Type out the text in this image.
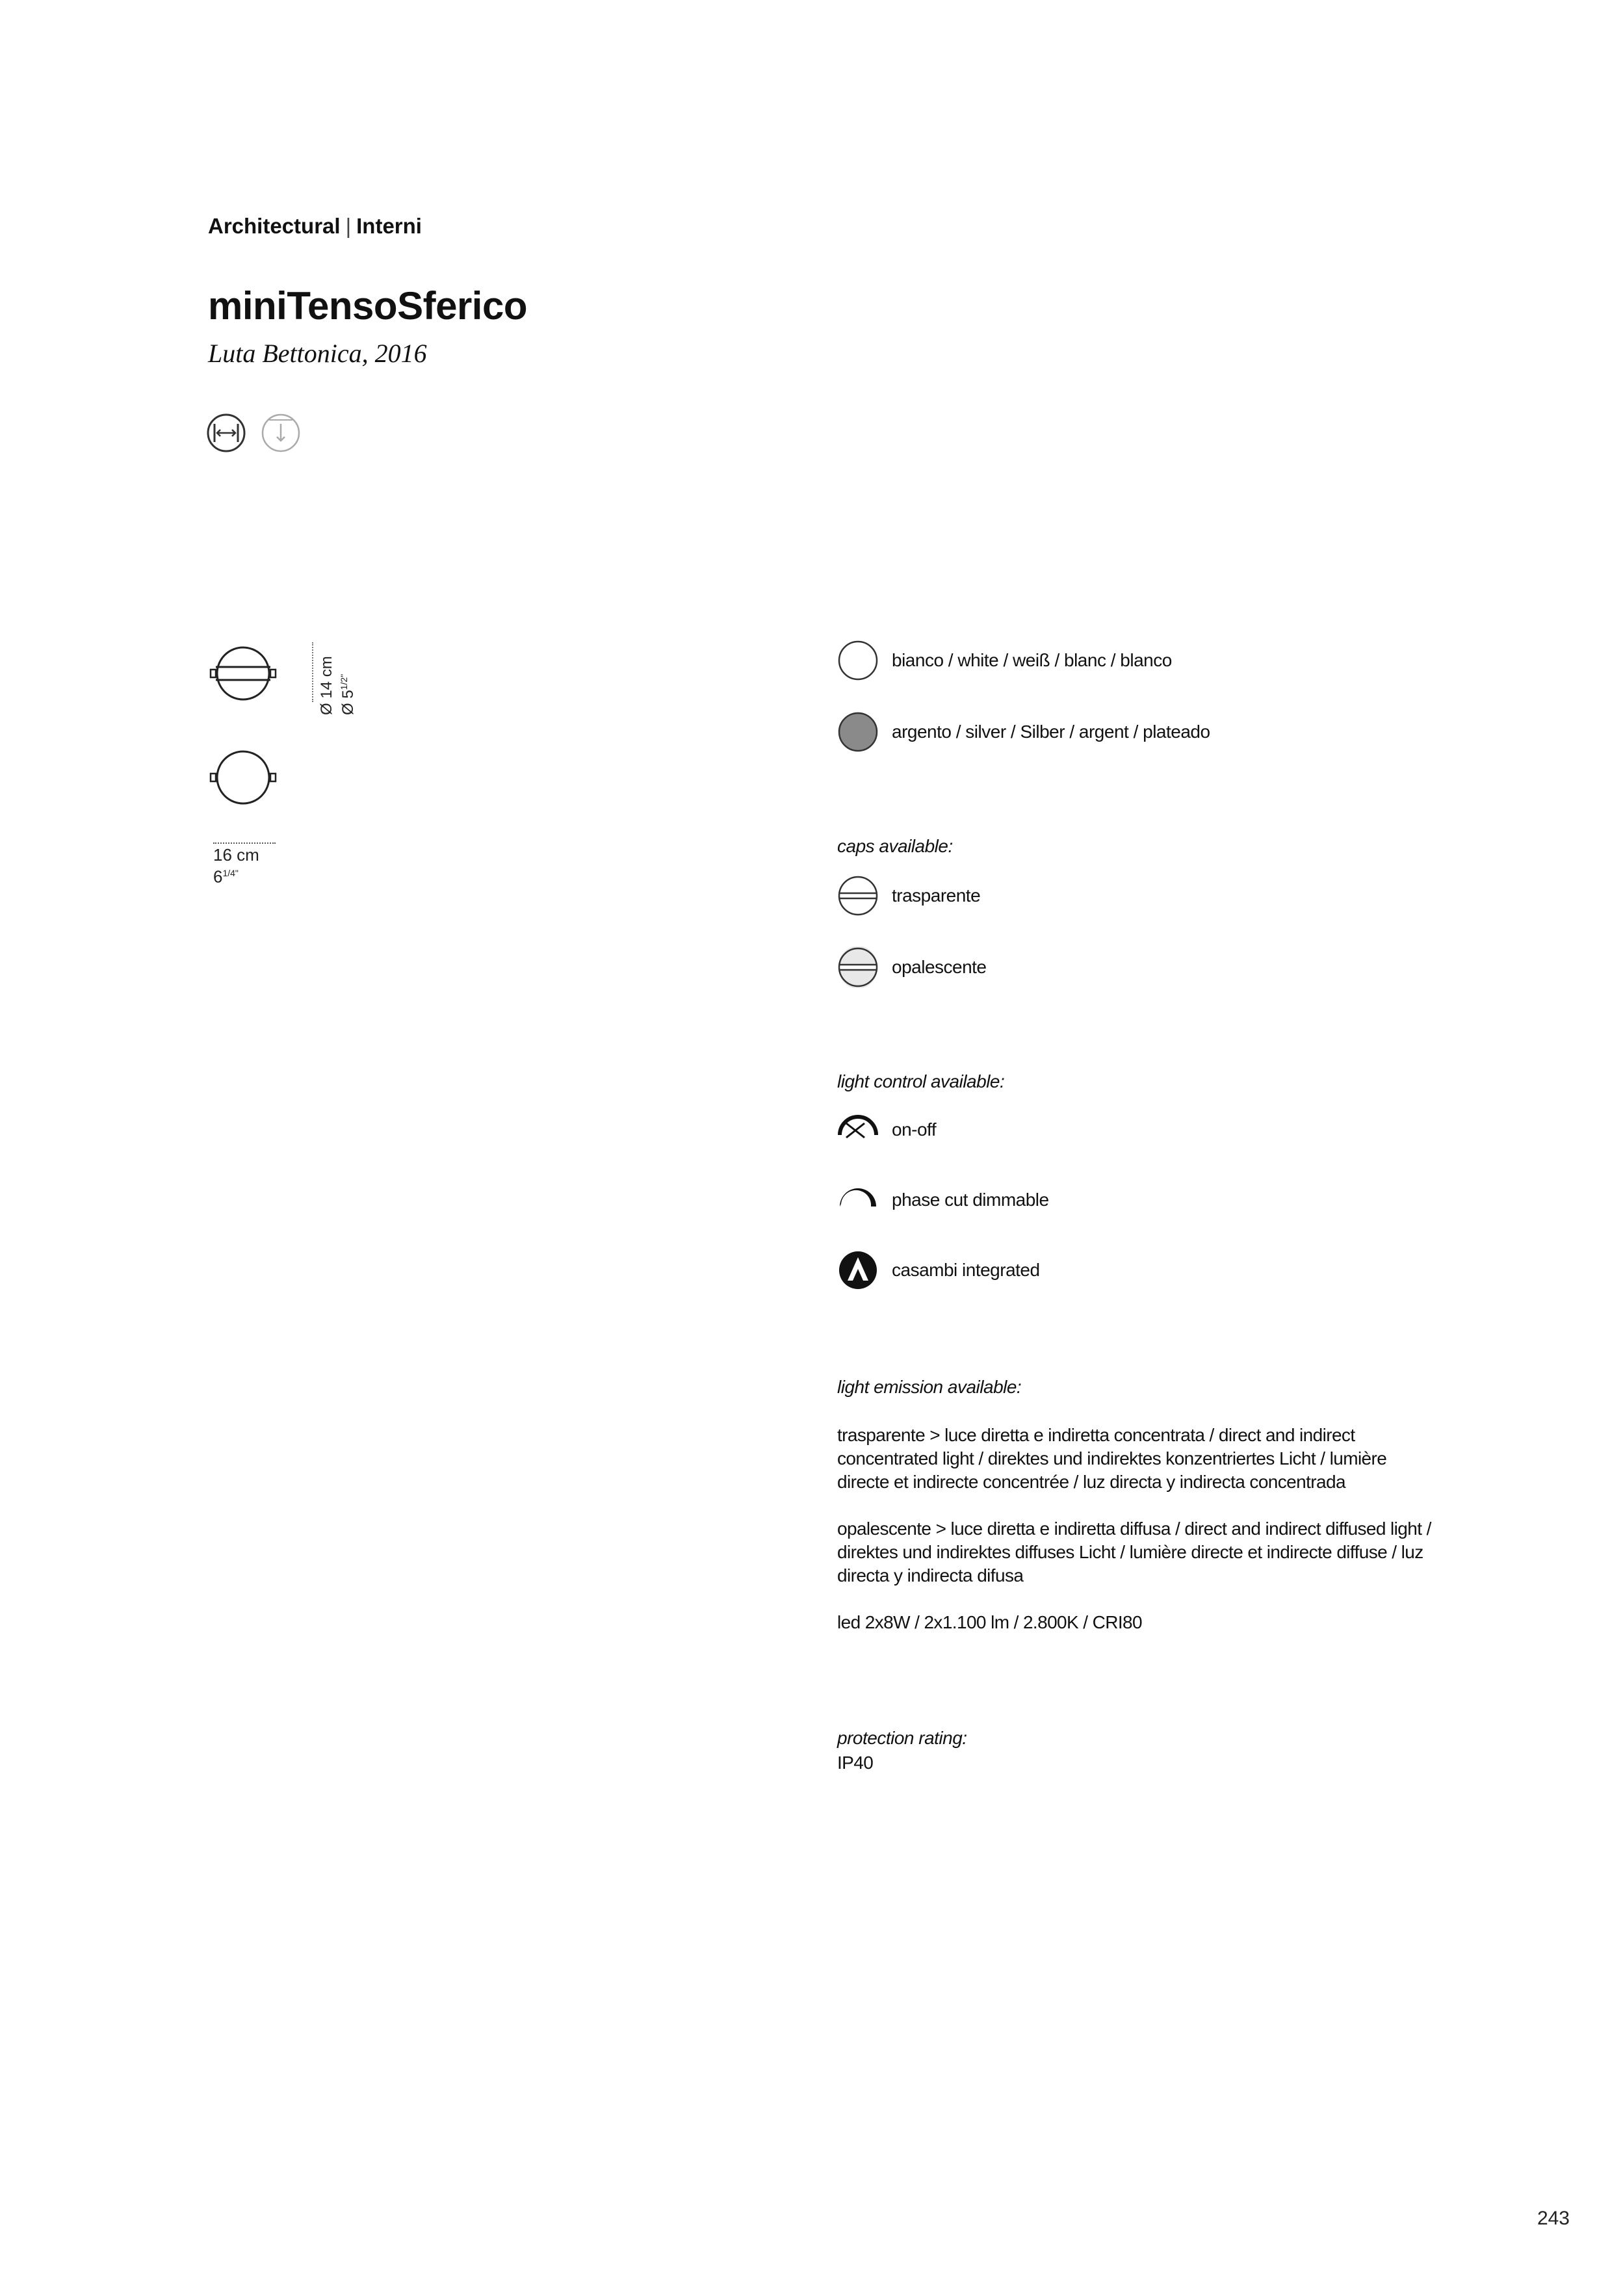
Architectural | Interni
miniTensoSferico
Luta Bettonica, 2016
Ø 14 cm Ø $5^{1/2"}$
16 cm
$6^{1/4"}$
bianco / white / weiß / blanc / blanco
argento / silver / Silber / argent / plateado
caps available:
trasparente
opalescente
light control available:
on-off
phase cut dimmable
casambi integrated
light emission available:
trasparente > luce diretta e indiretta concentrata / direct and indirect concentrated light / direktes und indirektes konzentriertes Licht / lumière directe et indirecte concentrée / luz directa y indirecta concentrada
opalescente > luce diretta e indiretta diffusa / direct and indirect diffused light / direktes und indirektes diffuses Licht / lumière directe et indirecte diffuse / luz directa y indirecta difusa
led 2x8W / 2x1.100 lm / 2.800K / CRI80
protection rating:
IP40
243
